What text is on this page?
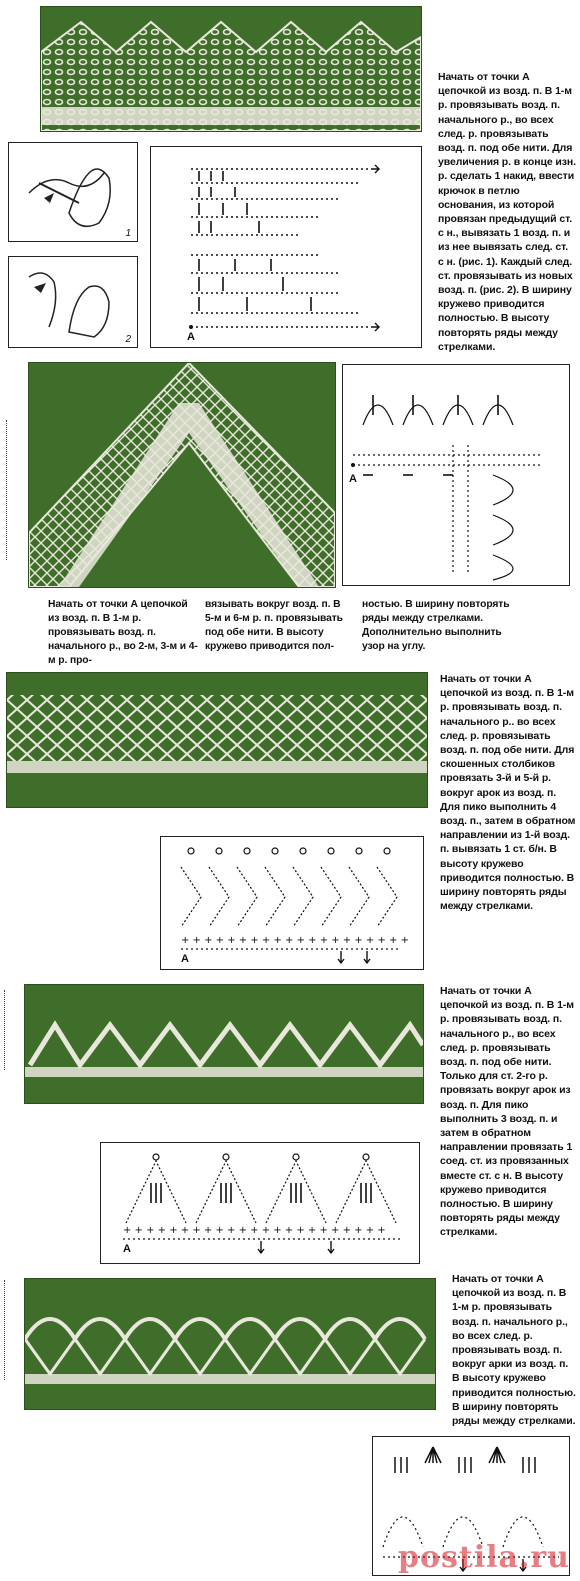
Начать от точки А цепочкой из возд. п. В 1-м р. провязывать возд. п. начального р., во всех след. р. провязывать возд. п. под обе нити. Для увеличения р. в конце изн. р. сделать 1 накид, ввести крючок в петлю основания, из которой провязан предыдущий ст. с н., вывязать 1 возд. п. и из нее вывязать след. ст. с н. (рис. 1). Каждый след. ст. провязывать из новых возд. п. (рис. 2). В ширину кружево приводится полностью. В высоту повторять ряды между стрелками.
1
2	A
A
Начать от точки А цепочкой из возд. п. В 1-м р. провязывать возд. п. начального р., во 2-м, 3-м и 4-м р. про-
вязывать вокруг возд. п. В 5-м и 6-м р. п. провязывать под обе нити. В высоту кружево приводится пол-
ностью. В ширину повторять ряды между стрелками. Дополнительно выполнить узор на углу.
Начать от точки А цепочкой из возд. п. В 1-м р. провязывать возд. п. начального р.. во всех след. р. провязывать возд. п. под обе нити. Для скошенных столбиков провязать 3-й и 5-й р. вокруг арок из возд. п. Для пико выполнить 4 возд. п., затем в обратном направлении из 1-й возд. п. вывязать 1 ст. б/н. В высоту кружево приводится полностью. В ширину повторять ряды между стрелками.
+ + + + + + + + + + + + + + + + + + + +
A
Начать от точки А цепочкой из возд. п. В 1-м р. провязывать возд. п. начального р., во всех след. р. провязывать возд. п. под обе нити. Только для ст. 2-го р. провязать вокруг арок из возд. п. Для пико выполнить 3 возд. п. и затем в обратном направлении провязать 1 соед. ст. из провязанных вместе ст. с н. В высоту кружево приводится полностью. В ширину повторять ряды между стрелками.
+ + + + + + + + + + + + + + + + + + + + + + +
A
Начать от точки А цепочкой из возд. п. В 1-м р. провязывать возд. п. начального р., во всех след. р. провязывать возд. п. вокруг арки из возд. п. В высоту кружево приводится полностью. В ширину повторять ряды между стрелками.
postila.ru
